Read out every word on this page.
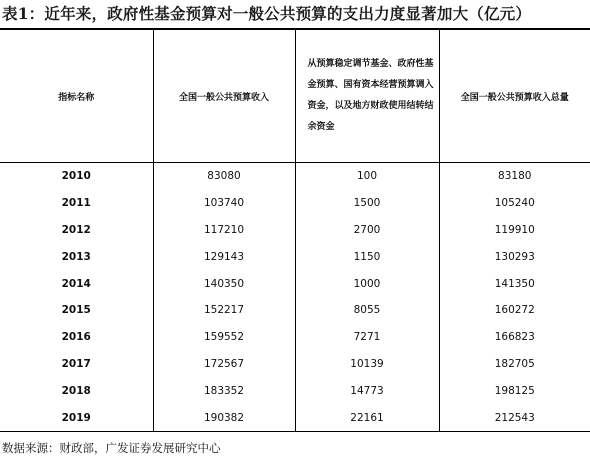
表1：近年来，政府性基金预算对一般公共预算的支出力度显著加大（亿元）
指标名称	全国一般公共预算收入	从预算稳定调节基金、政府性基金预算、国有资本经营预算调入资金，以及地方财政使用结转结余资金	全国一般公共预算收入总量
2010	83080	100	83180
2011	103740	1500	105240
2012	117210	2700	119910
2013	129143	1150	130293
2014	140350	1000	141350
2015	152217	8055	160272
2016	159552	7271	166823
2017	172567	10139	182705
2018	183352	14773	198125
2019	190382	22161	212543
数据来源：财政部，广发证券发展研究中心
